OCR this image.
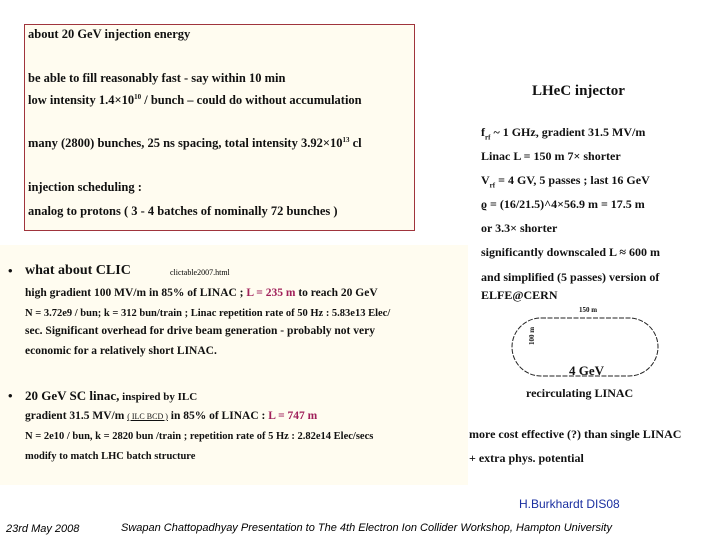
about 20 GeV injection energy
be able to fill reasonably fast - say within 10 min
low intensity $1.4\times 10^{10}$ / bunch – could do without accumulation
many (2800) bunches, 25 ns spacing, total intensity $3.92\times 10^{13}$ cl
injection scheduling :
analog to protons ( 3 - 4 batches of nominally 72 bunches )
• what about CLIC	clictable2007.html
high gradient 100 MV/m in 85% of LINAC ; L = 235 m to reach 20 GeV
N = 3.72e9 / bun; k = 312 bun/train ; Linac repetition rate of 50 Hz : 5.83e13 Elec/
sec. Significant overhead for drive beam generation - probably not very
economic for a relatively short LINAC.
• 20 GeV SC linac, inspired by ILC
gradient 31.5 MV/m ( ILC BCD ) in 85% of LINAC : L = 747 m
N = 2e10 / bun, k = 2820 bun /train ; repetition rate of 5 Hz : 2.82e14 Elec/secs
modify to match LHC batch structure
LHeC injector
$f_{rf}$ ~ 1 GHz, gradient 31.5 MV/m
Linac L = 150 m 7× shorter
$V_{rf} = 4$ GV, 5 passes ; last 16 GeV
ϱ = (16/21.5)^4×56.9 m = 17.5 m
or 3.3× shorter
significantly downscaled L ≈ 600 m
and simplified (5 passes) version of
ELFE@CERN
150 m
100 m
4 GeV
recirculating LINAC
more cost effective (?) than single LINAC
+ extra phys. potential
H.Burkhardt DIS08
23rd May 2008	Swapan Chattopadhyay Presentation to The 4th Electron Ion Collider Workshop, Hampton University
